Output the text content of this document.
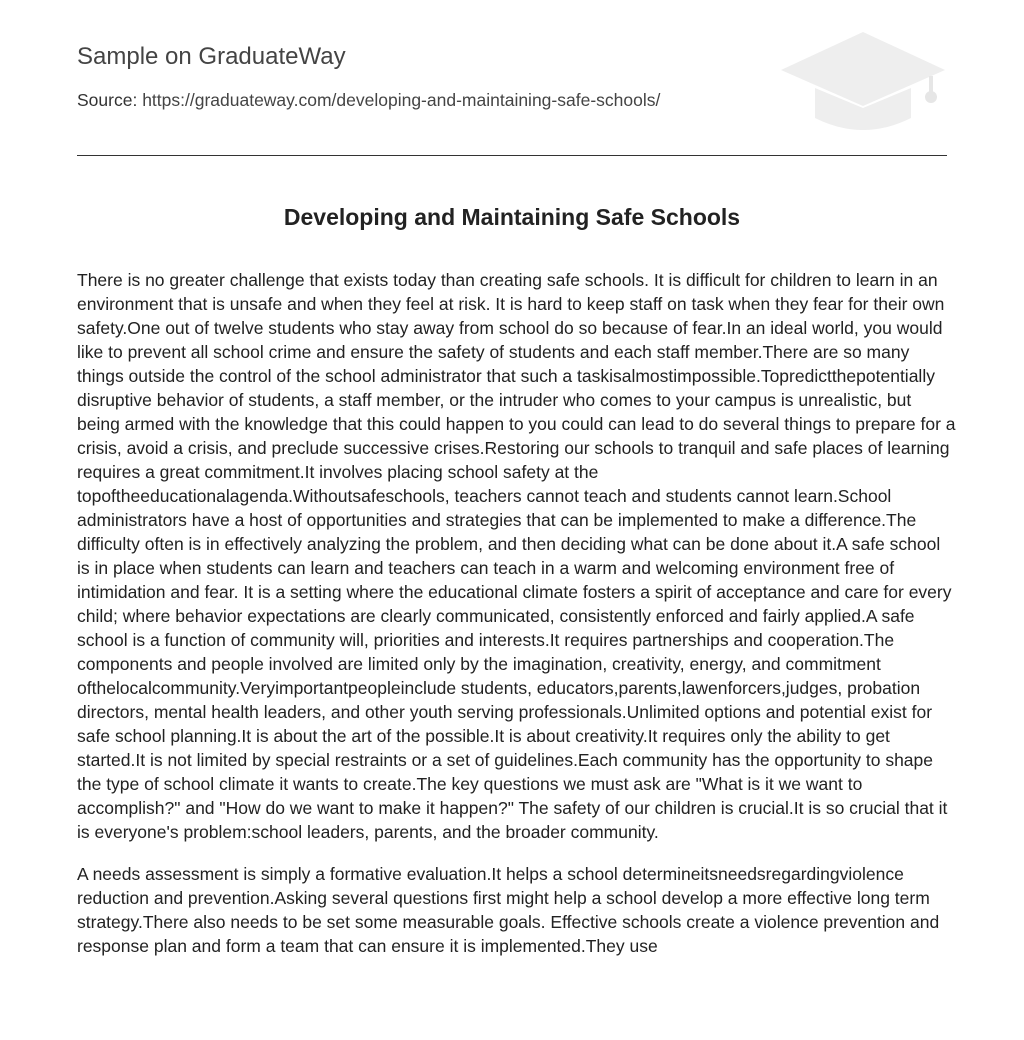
Sample on GraduateWay
Source: https://graduateway.com/developing-and-maintaining-safe-schools/
Developing and Maintaining Safe Schools

There is no greater challenge that exists today than creating safe schools. It is difficult for children to learn in an environment that is unsafe and when they feel at risk. It is hard to keep staff on task when they fear for their own safety.One out of twelve students who stay away from school do so because of fear.In an ideal world, you would like to prevent all school crime and ensure the safety of students and each staff member.There are so many things outside the control of the school administrator that such a taskisalmostimpossible.Topredictthepotentially disruptive behavior of students, a staff member, or the intruder who comes to your campus is unrealistic, but being armed with the knowledge that this could happen to you could can lead to do several things to prepare for a crisis, avoid a crisis, and preclude successive crises.Restoring our schools to tranquil and safe places of learning requires a great commitment.It involves placing school safety at the topoftheeducationalagenda.Withoutsafeschools, teachers cannot teach and students cannot learn.School administrators have a host of opportunities and strategies that can be implemented to make a difference.The difficulty often is in effectively analyzing the problem, and then deciding what can be done about it.A safe school is in place when students can learn and teachers can teach in a warm and welcoming environment free of intimidation and fear. It is a setting where the educational climate fosters a spirit of acceptance and care for every child; where behavior expectations are clearly communicated, consistently enforced and fairly applied.A safe school is a function of community will, priorities and interests.It requires partnerships and cooperation.The components and people involved are limited only by the imagination, creativity, energy, and commitment ofthelocalcommunity.Veryimportantpeopleinclude students, educators,parents,lawenforcers,judges, probation directors, mental health leaders, and other youth serving professionals.Unlimited options and potential exist for safe school planning.It is about the art of the possible.It is about creativity.It requires only the ability to get started.It is not limited by special restraints or a set of guidelines.Each community has the opportunity to shape the type of school climate it wants to create.The key questions we must ask are "What is it we want to accomplish?" and "How do we want to make it happen?" The safety of our children is crucial.It is so crucial that it is everyone's problem:school leaders, parents, and the broader community.

A needs assessment is simply a formative evaluation.It helps a school determineitsneedsregardingviolence reduction and prevention.Asking several questions first might help a school develop a more effective long term strategy.There also needs to be set some measurable goals. Effective schools create a violence prevention and response plan and form a team that can ensure it is implemented.They use
